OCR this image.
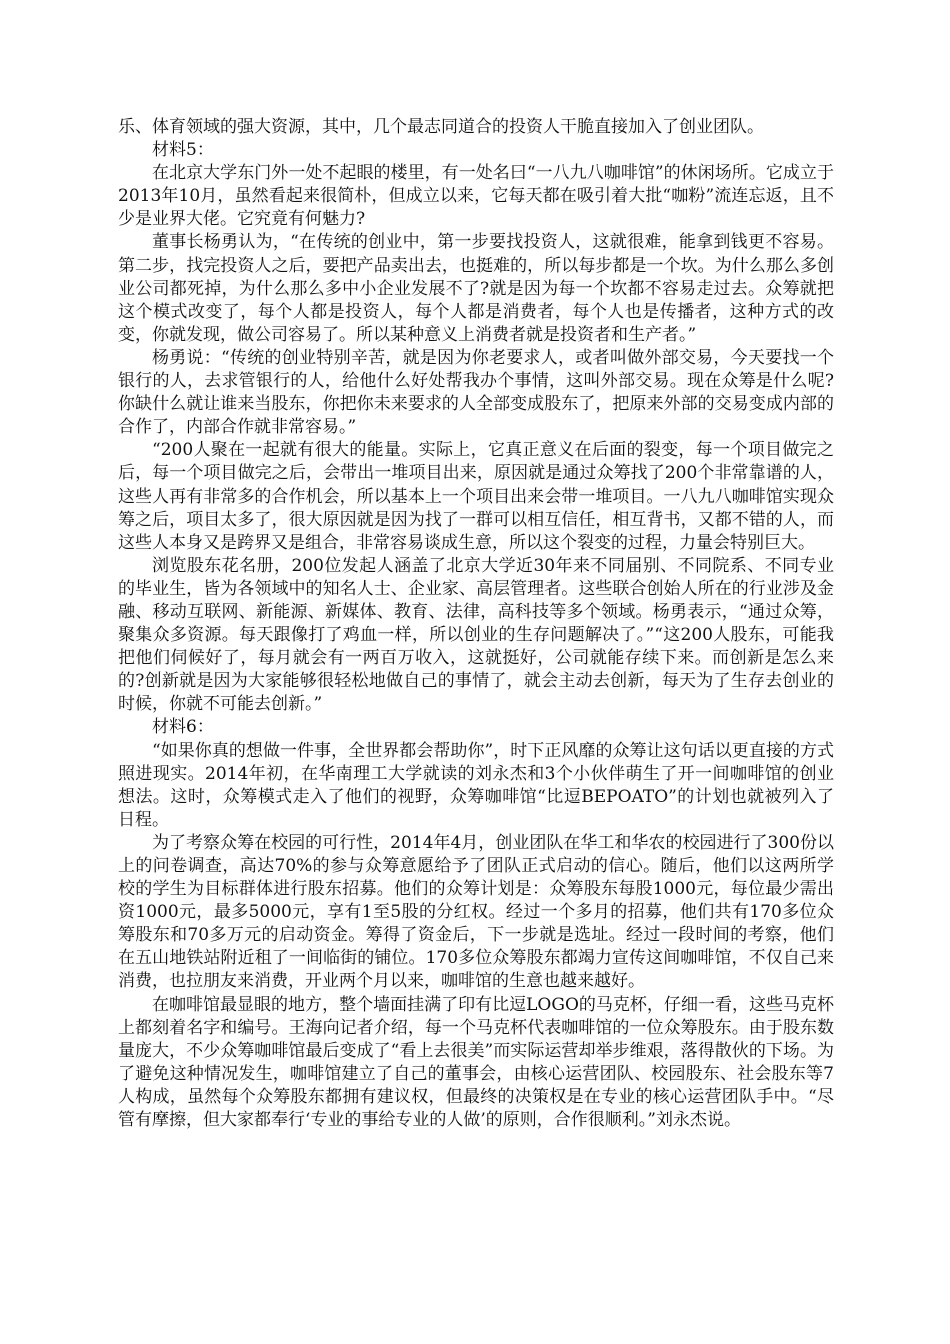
乐、体育领域的强大资源，其中，几个最志同道合的投资人干脆直接加入了创业团队。

材料5：

在北京大学东门外一处不起眼的楼里，有一处名曰“一八九八咖啡馆”的休闲场所。它成立于2013年10月，虽然看起来很简朴，但成立以来，它每天都在吸引着大批“咖粉”流连忘返，且不少是业界大佬。它究竟有何魅力?

董事长杨勇认为，“在传统的创业中，第一步要找投资人，这就很难，能拿到钱更不容易。第二步，找完投资人之后，要把产品卖出去，也挺难的，所以每步都是一个坎。为什么那么多创业公司都死掉，为什么那么多中小企业发展不了?就是因为每一个坎都不容易走过去。众筹就把这个模式改变了，每个人都是投资人，每个人都是消费者，每个人也是传播者，这种方式的改变，你就发现，做公司容易了。所以某种意义上消费者就是投资者和生产者。”

杨勇说：“传统的创业特别辛苦，就是因为你老要求人，或者叫做外部交易，今天要找一个银行的人，去求管银行的人，给他什么好处帮我办个事情，这叫外部交易。现在众筹是什么呢?你缺什么就让谁来当股东，你把你未来要求的人全部变成股东了，把原来外部的交易变成内部的合作了，内部合作就非常容易。”

“200人聚在一起就有很大的能量。实际上，它真正意义在后面的裂变，每一个项目做完之后，每一个项目做完之后，会带出一堆项目出来，原因就是通过众筹找了200个非常靠谱的人，这些人再有非常多的合作机会，所以基本上一个项目出来会带一堆项目。一八九八咖啡馆实现众筹之后，项目太多了，很大原因就是因为找了一群可以相互信任，相互背书，又都不错的人，而这些人本身又是跨界又是组合，非常容易谈成生意，所以这个裂变的过程，力量会特别巨大。

浏览股东花名册，200位发起人涵盖了北京大学近30年来不同届别、不同院系、不同专业的毕业生，皆为各领域中的知名人士、企业家、高层管理者。这些联合创始人所在的行业涉及金融、移动互联网、新能源、新媒体、教育、法律，高科技等多个领域。杨勇表示，“通过众筹，聚集众多资源。每天跟像打了鸡血一样，所以创业的生存问题解决了。”“这200人股东，可能我把他们伺候好了，每月就会有一两百万收入，这就挺好，公司就能存续下来。而创新是怎么来的?创新就是因为大家能够很轻松地做自己的事情了，就会主动去创新，每天为了生存去创业的时候，你就不可能去创新。”

材料6：

“如果你真的想做一件事，全世界都会帮助你”，时下正风靡的众筹让这句话以更直接的方式照进现实。2014年初，在华南理工大学就读的刘永杰和3个小伙伴萌生了开一间咖啡馆的创业想法。这时，众筹模式走入了他们的视野，众筹咖啡馆“比逗BEPOATO”的计划也就被列入了日程。

为了考察众筹在校园的可行性，2014年4月，创业团队在华工和华农的校园进行了300份以上的问卷调查，高达70%的参与众筹意愿给予了团队正式启动的信心。随后，他们以这两所学校的学生为目标群体进行股东招募。他们的众筹计划是：众筹股东每股1000元，每位最少需出资1000元，最多5000元，享有1至5股的分红权。经过一个多月的招募，他们共有170多位众筹股东和70多万元的启动资金。筹得了资金后，下一步就是选址。经过一段时间的考察，他们在五山地铁站附近租了一间临街的铺位。170多位众筹股东都竭力宣传这间咖啡馆，不仅自己来消费，也拉朋友来消费，开业两个月以来，咖啡馆的生意也越来越好。

在咖啡馆最显眼的地方，整个墙面挂满了印有比逗LOGO的马克杯，仔细一看，这些马克杯上都刻着名字和编号。王海向记者介绍，每一个马克杯代表咖啡馆的一位众筹股东。由于股东数量庞大，不少众筹咖啡馆最后变成了“看上去很美”而实际运营却举步维艰，落得散伙的下场。为了避免这种情况发生，咖啡馆建立了自己的董事会，由核心运营团队、校园股东、社会股东等7人构成，虽然每个众筹股东都拥有建议权，但最终的决策权是在专业的核心运营团队手中。“尽管有摩擦，但大家都奉行‘专业的事给专业的人做’的原则，合作很顺利。”刘永杰说。
